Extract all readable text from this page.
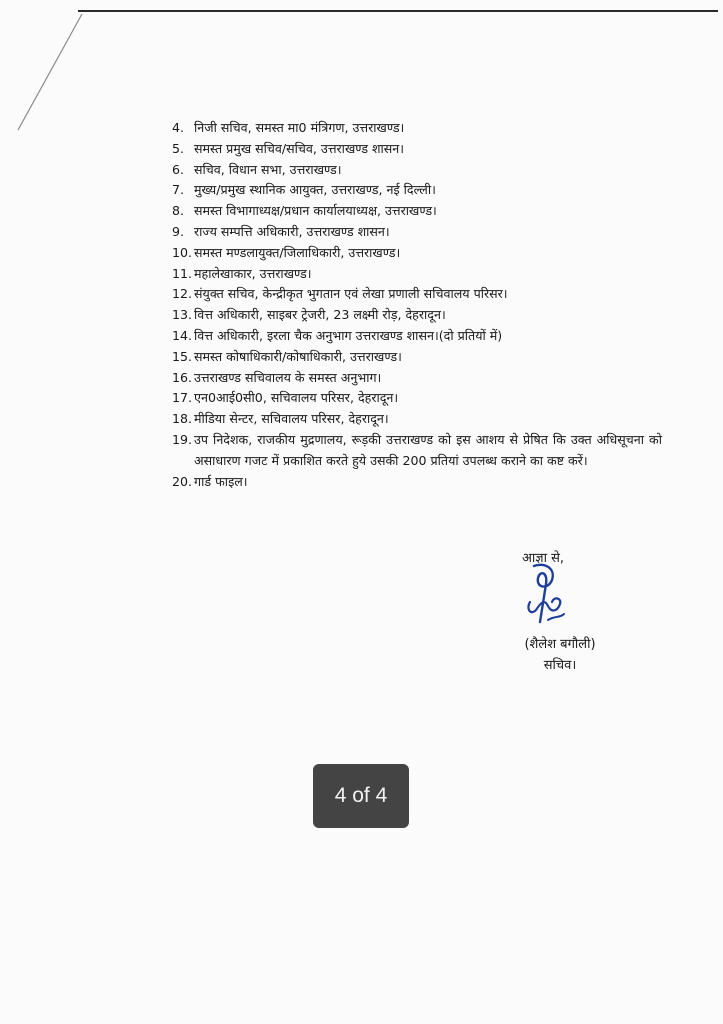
4. निजी सचिव, समस्त मा0 मंत्रिगण, उत्तराखण्ड।
5. समस्त प्रमुख सचिव/सचिव, उत्तराखण्ड शासन।
6. सचिव, विधान सभा, उत्तराखण्ड।
7. मुख्य/प्रमुख स्थानिक आयुक्त, उत्तराखण्ड, नई दिल्ली।
8. समस्त विभागाध्यक्ष/प्रधान कार्यालयाध्यक्ष, उत्तराखण्ड।
9. राज्य सम्पत्ति अधिकारी, उत्तराखण्ड शासन।
10. समस्त मण्डलायुक्त/जिलाधिकारी, उत्तराखण्ड।
11. महालेखाकार, उत्तराखण्ड।
12. संयुक्त सचिव, केन्द्रीकृत भुगतान एवं लेखा प्रणाली सचिवालय परिसर।
13. वित्त अधिकारी, साइबर ट्रेजरी, 23 लक्ष्मी रोड़, देहरादून।
14. वित्त अधिकारी, इरला चैक अनुभाग उत्तराखण्ड शासन।(दो प्रतियों में)
15. समस्त कोषाधिकारी/कोषाधिकारी, उत्तराखण्ड।
16. उत्तराखण्ड सचिवालय के समस्त अनुभाग।
17. एन0आई0सी0, सचिवालय परिसर, देहरादून।
18. मीडिया सेन्टर, सचिवालय परिसर, देहरादून।
19. उप निदेशक, राजकीय मुद्रणालय, रूड़की उत्तराखण्ड को इस आशय से प्रेषित कि उक्त अधिसूचना को असाधारण गजट में प्रकाशित करते हुये उसकी 200 प्रतियां उपलब्ध कराने का कष्ट करें।
20. गार्ड फाइल।
आज्ञा से,
(शैलेश बगौली)
सचिव।
4 of 4
